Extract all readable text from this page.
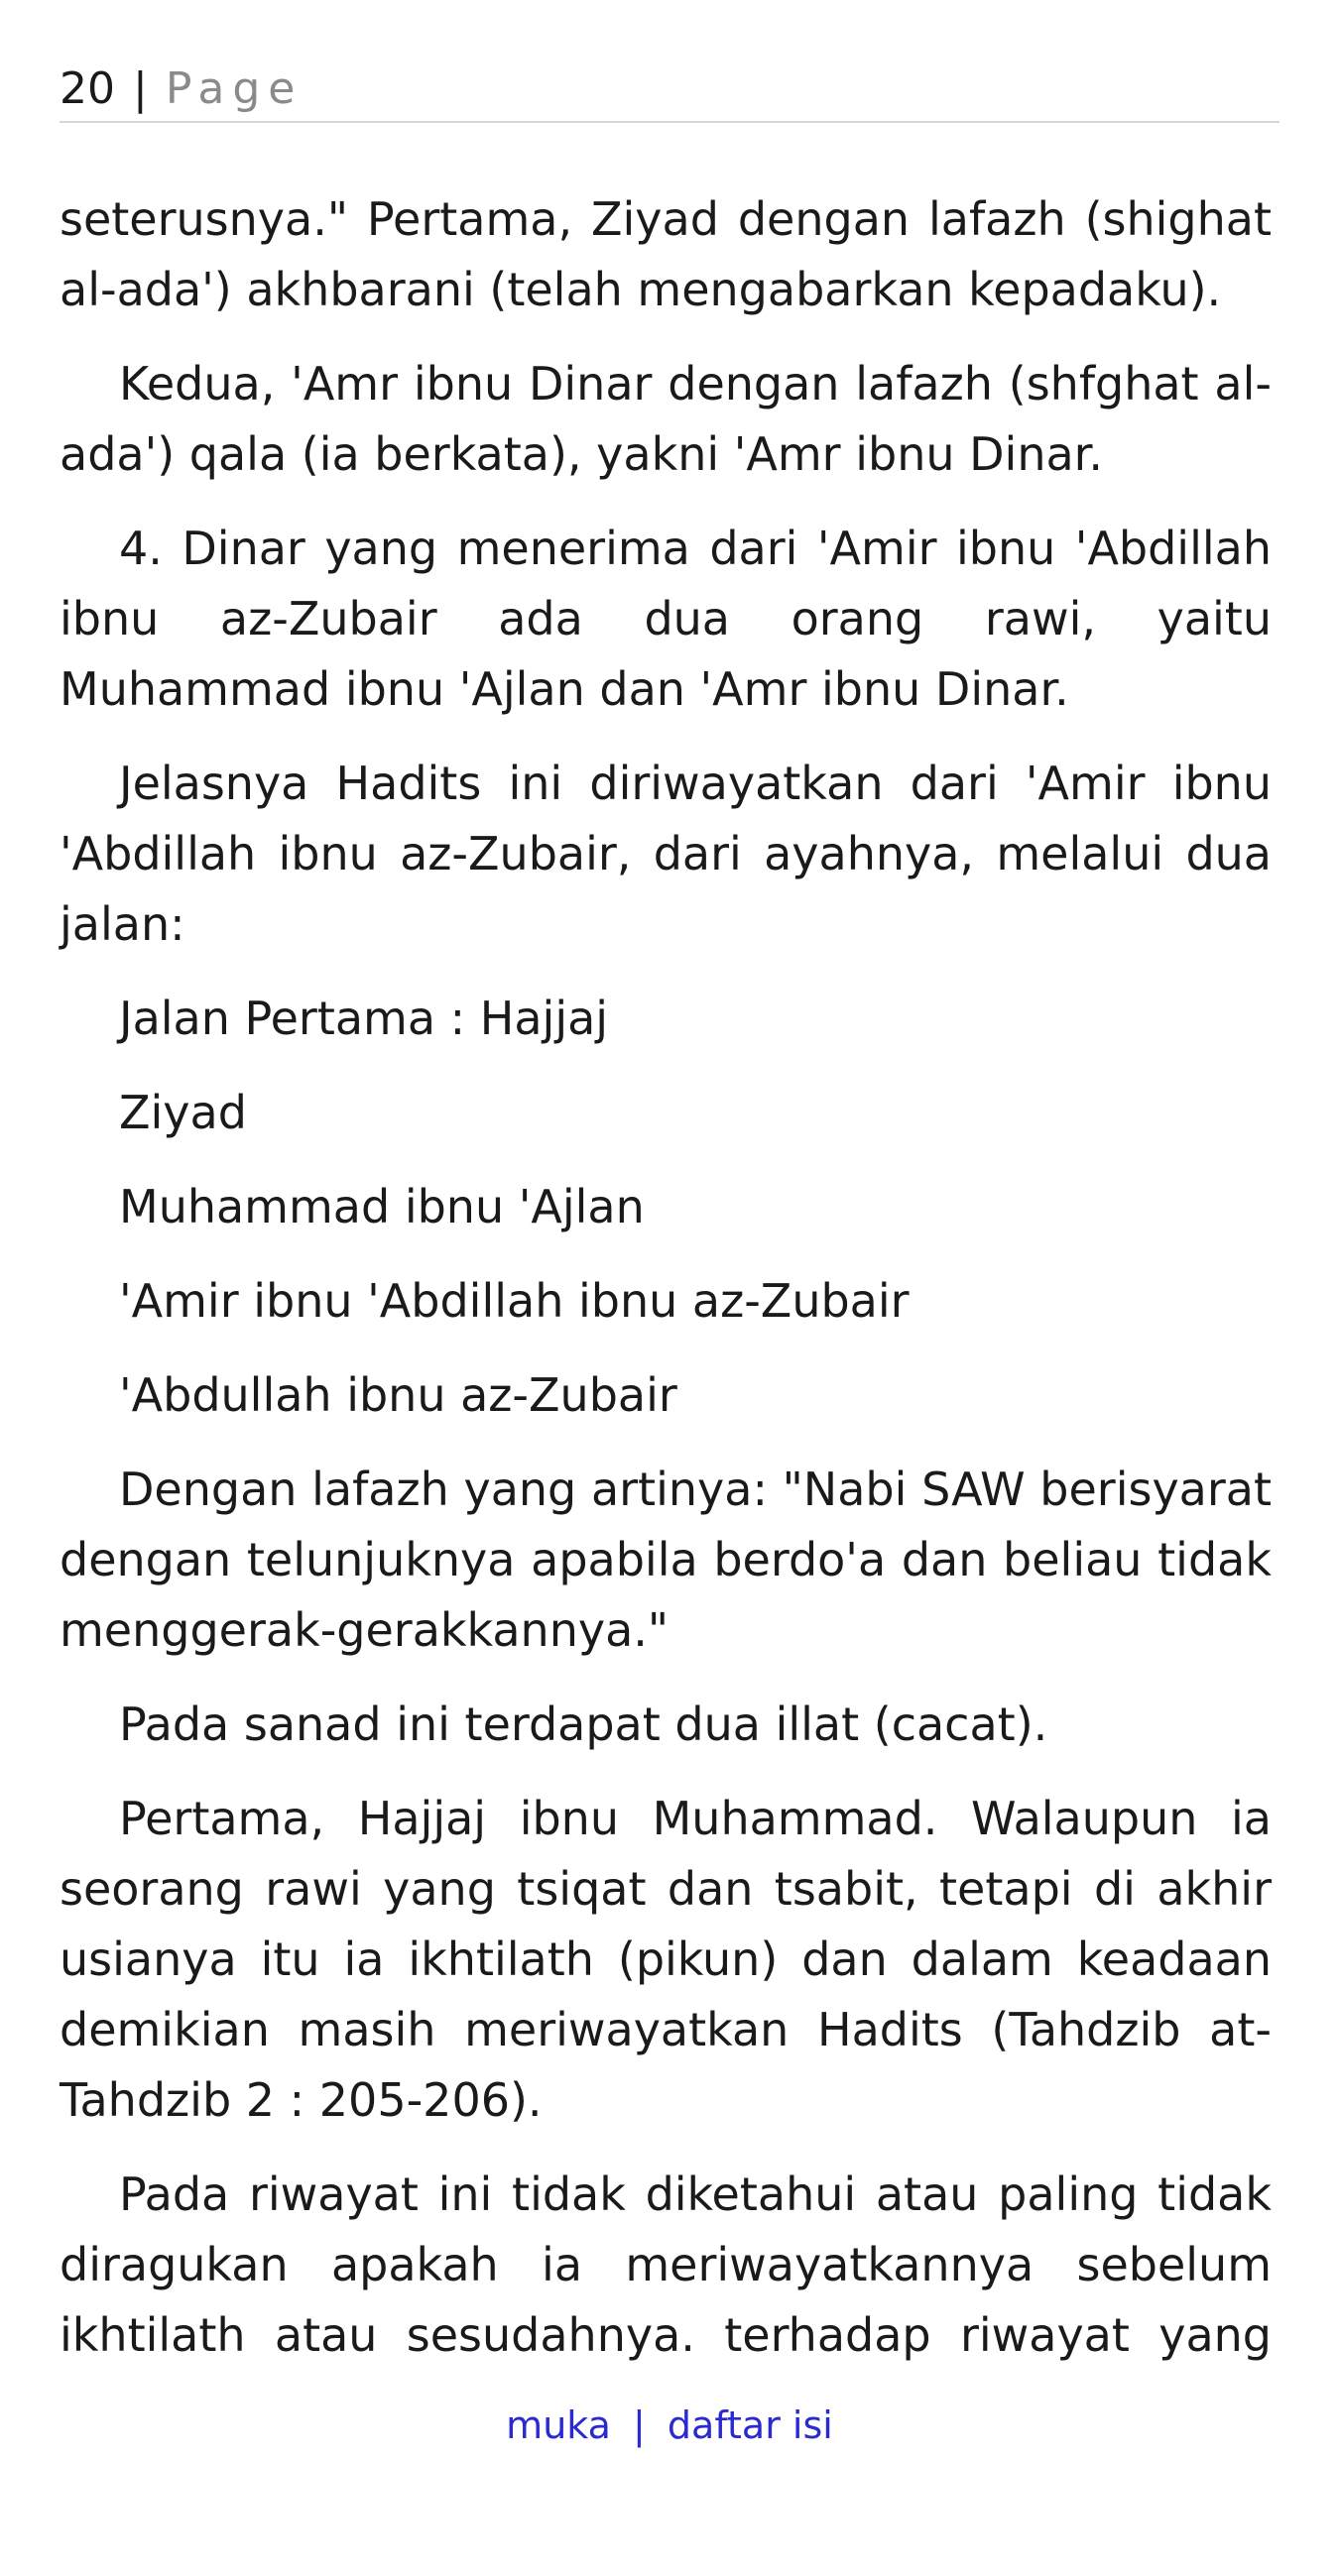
20 | Page

seterusnya." Pertama, Ziyad dengan lafazh (shighat al-ada') akhbarani (telah mengabarkan kepadaku).

Kedua, 'Amr ibnu Dinar dengan lafazh (shfghat al-ada') qala (ia berkata), yakni 'Amr ibnu Dinar.

4. Dinar yang menerima dari 'Amir ibnu 'Abdillah ibnu az-Zubair ada dua orang rawi, yaitu Muhammad ibnu 'Ajlan dan 'Amr ibnu Dinar.

Jelasnya Hadits ini diriwayatkan dari 'Amir ibnu 'Abdillah ibnu az-Zubair, dari ayahnya, melalui dua jalan:

Jalan Pertama : Hajjaj

Ziyad

Muhammad ibnu 'Ajlan

'Amir ibnu 'Abdillah ibnu az-Zubair

'Abdullah ibnu az-Zubair

Dengan lafazh yang artinya: "Nabi SAW berisyarat dengan telunjuknya apabila berdo'a dan beliau tidak menggerak-gerakkannya."

Pada sanad ini terdapat dua illat (cacat).

Pertama, Hajjaj ibnu Muhammad. Walaupun ia seorang rawi yang tsiqat dan tsabit, tetapi di akhir usianya itu ia ikhtilath (pikun) dan dalam keadaan demikian masih meriwayatkan Hadits (Tahdzib at-Tahdzib 2 : 205-206).

Pada riwayat ini tidak diketahui atau paling tidak diragukan apakah ia meriwayatkannya sebelum ikhtilath atau sesudahnya. terhadap riwayat yang

muka | daftar isi
